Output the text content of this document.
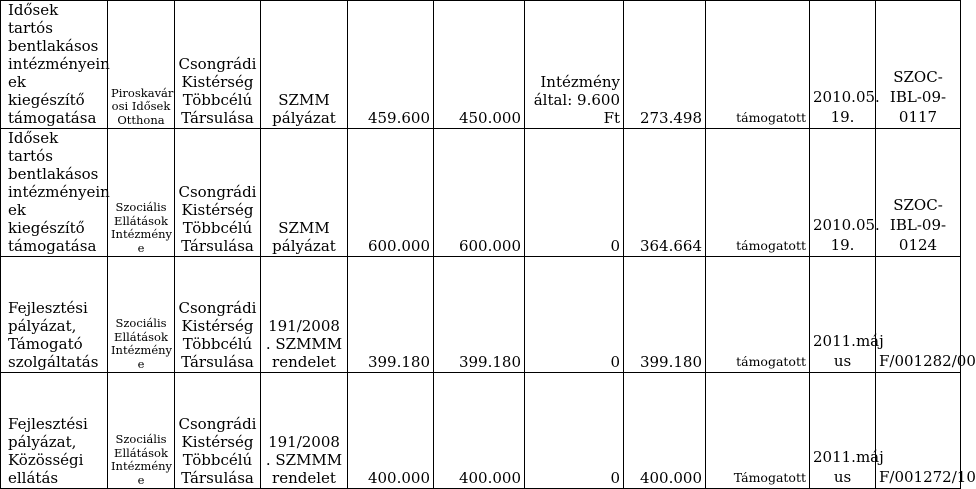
Idősek tartós
bentlakásos
intézményein
ek kiegészítő
támogatása	Piroskavár
osi Idősek
Otthona	Csongrádi
Kistérség
Többcélú
Társulása	SZMM
pályázat	459.600	450.000	Intézmény
által: 9.600
Ft	273.498	támogatott	2010.05.
19.	SZOC-IBL-09-
0117

Idősek tartós
bentlakásos
intézményein
ek kiegészítő
támogatása	Szociális
Ellátások
Intézmény
e	Csongrádi
Kistérség
Többcélú
Társulása	SZMM
pályázat	600.000	600.000	0	364.664	támogatott	2010.05.
19.	SZOC-IBL-09-
0124

Fejlesztési
pályázat,
Támogató
szolgáltatás	Szociális
Ellátások
Intézmény
e	Csongrádi
Kistérség
Többcélú
Társulása	191/2008
. SZMMM
rendelet	399.180	399.180	0	399.180	támogatott	2011.máj
us	F/001282/00

Fejlesztési
pályázat,
Közösségi
ellátás	Szociális
Ellátások
Intézmény
e	Csongrádi
Kistérség
Többcélú
Társulása	191/2008
. SZMMM
rendelet	400.000	400.000	0	400.000	Támogatott	2011.máj
us	F/001272/10
